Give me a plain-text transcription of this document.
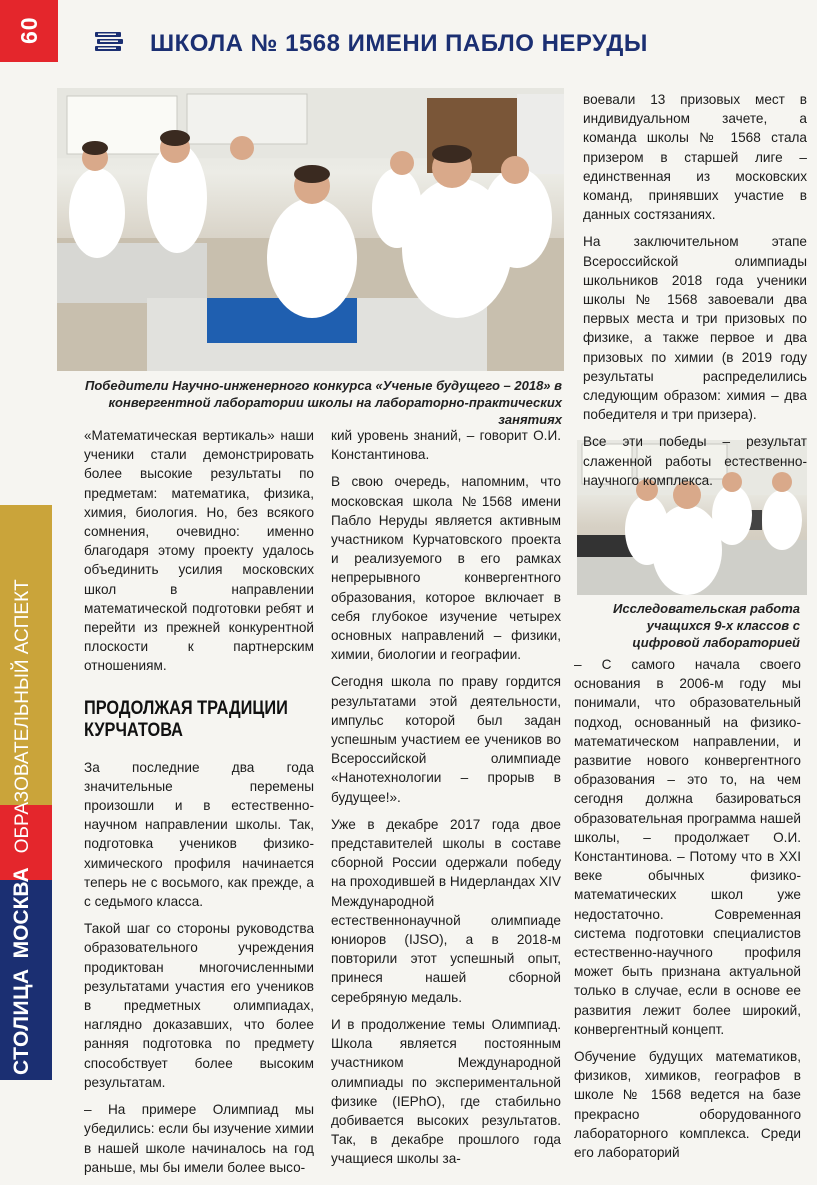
60	ШКОЛА № 1568 ИМЕНИ ПАБЛО НЕРУДЫ
СТОЛИЦАМОСКВАОБРАЗОВАТЕЛЬНЫЙ АСПЕКТ
Победители Научно-инженерного конкурса «Ученые будущего – 2018» в конвергентной лаборатории школы на лабораторно-практических занятиях
Исследовательская работа учащихся 9-х классов с цифровой лабораторией

«Математическая вертикаль» наши ученики стали демонстрировать более высокие результаты по предметам: математика, физика, химия, биология. Но, без всякого сомнения, очевидно: именно благодаря этому проекту удалось объединить усилия московских школ в направлении математической подготовки ребят и перейти из прежней конкурентной плоскости к партнерским отношениям.

ПРОДОЛЖАЯ ТРАДИЦИИ КУРЧАТОВА

За последние два года значительные перемены произошли и в естественно-научном направлении школы. Так, подготовка учеников физико-химического профиля начинается теперь не с восьмого, как прежде, а с седьмого класса.

Такой шаг со стороны руководства образовательного учреждения продиктован многочисленными результатами участия его учеников в предметных олимпиадах, наглядно доказавших, что более ранняя подготовка по предмету способствует более высоким результатам.

– На примере Олимпиад мы убедились: если бы изучение химии в нашей школе начиналось на год раньше, мы бы имели более высо-

кий уровень знаний, – говорит О.И. Константинова.

В свою очередь, напомним, что московская школа №1568 имени Пабло Неруды является активным участником Курчатовского проекта и реализуемого в его рамках непрерывного конвергентного образования, которое включает в себя глубокое изучение четырех основных направлений – физики, химии, биологии и географии.

Сегодня школа по праву гордится результатами этой деятельности, импульс которой был задан успешным участием ее учеников во Всероссийской олимпиаде «Нанотехнологии – прорыв в будущее!».

Уже в декабре 2017 года двое представителей школы в составе сборной России одержали победу на проходившей в Нидерландах XIV Международной естественнонаучной олимпиаде юниоров (IJSO), а в 2018-м повторили этот успешный опыт, принеся нашей сборной серебряную медаль.

И в продолжение темы Олимпиад. Школа является постоянным участником Международной олимпиады по экспериментальной физике (IEPhO), где стабильно добивается высоких результатов. Так, в декабре прошлого года учащиеся школы за-

воевали 13 призовых мест в индивидуальном зачете, а команда школы № 1568 стала призером в старшей лиге – единственная из московских команд, принявших участие в данных состязаниях.

На заключительном этапе Всероссийской олимпиады школьников 2018 года ученики школы № 1568 завоевали два первых места и три призовых по физике, а также первое и два призовых по химии (в 2019 году результаты распределились следующим образом: химия – два победителя и три призера).

Все эти победы – результат слаженной работы естественно-научного комплекса.

– С самого начала своего основания в 2006-м году мы понимали, что образовательный подход, основанный на физико-математическом направлении, и развитие нового конвергентного образования – это то, на чем сегодня должна базироваться образовательная программа нашей школы, – продолжает О.И. Константинова. – Потому что в XXI веке обычных физико-математических школ уже недостаточно. Современная система подготовки специалистов естественно-научного профиля может быть признана актуальной только в случае, если в основе ее развития лежит более широкий, конвергентный концепт.

Обучение будущих математиков, физиков, химиков, географов в школе № 1568 ведется на базе прекрасно оборудованного лабораторного комплекса. Среди его лабораторий
